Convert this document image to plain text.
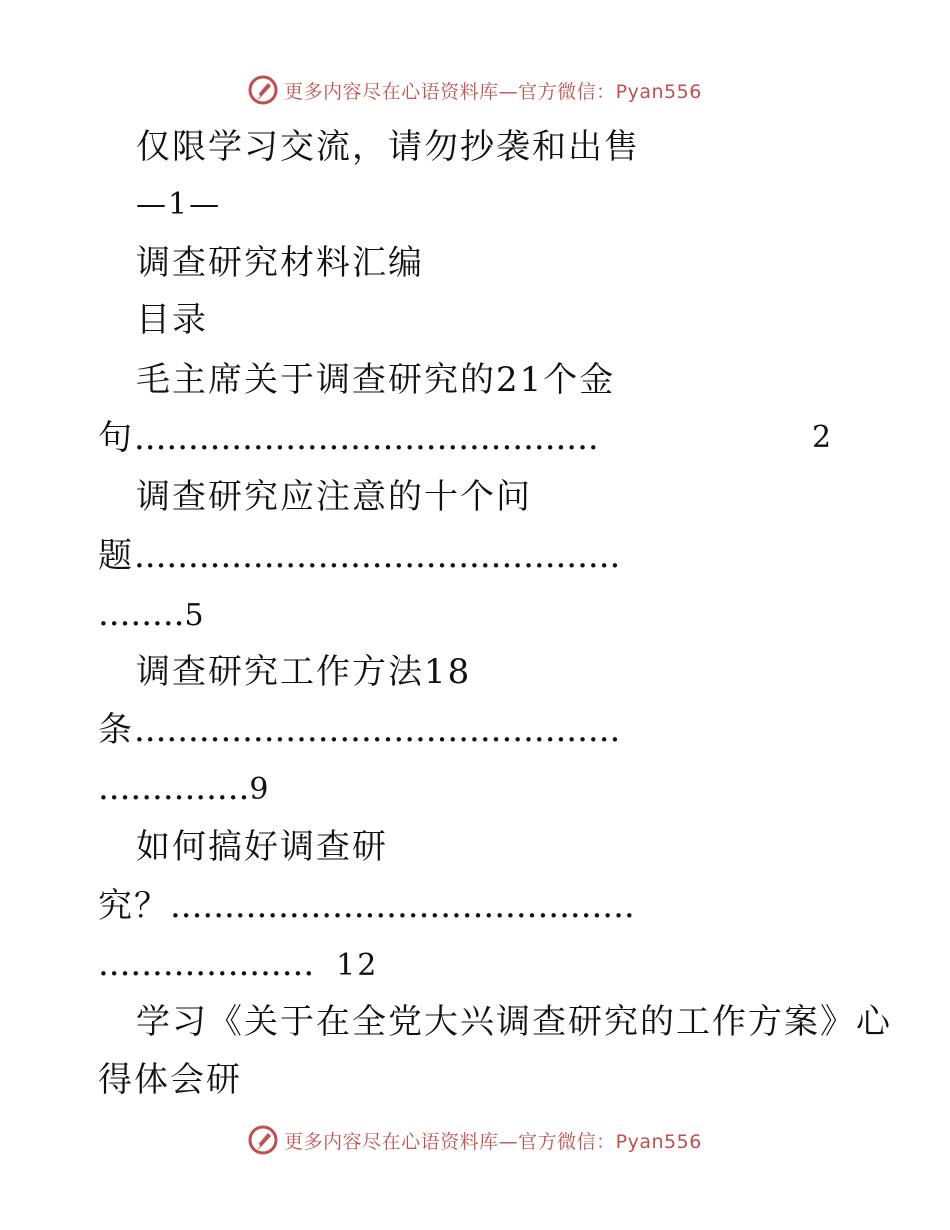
更多内容尽在心语资料库—官方微信：Pyan556
仅限学习交流，请勿抄袭和出售
—1—
调查研究材料汇编
目录
毛主席关于调查研究的21个金
句...........................................	2
调查研究应注意的十个问
题.............................................
........5
调查研究工作方法18
条.............................................
..............9
如何搞好调查研
究？...........................................
.................... 12
学习《关于在全党大兴调查研究的工作方案》心
得体会研
更多内容尽在心语资料库—官方微信：Pyan556
